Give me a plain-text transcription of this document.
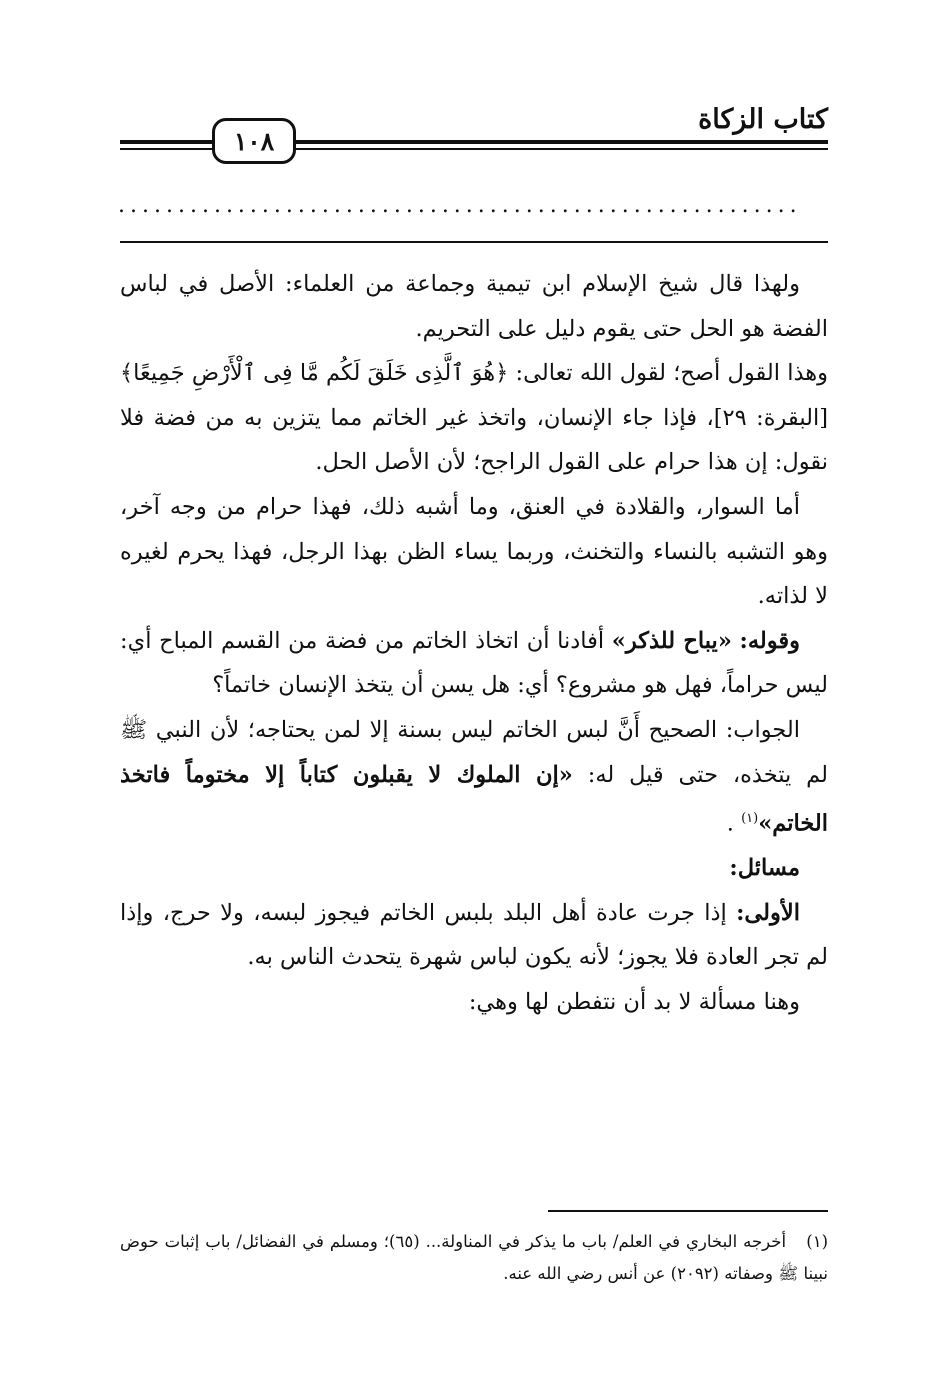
كتاب الزكاة
١٠٨
.........................................................

ولهذا قال شيخ الإسلام ابن تيمية وجماعة من العلماء: الأصل في لباس الفضة هو الحل حتى يقوم دليل على التحريم.

وهذا القول أصح؛ لقول الله تعالى: ﴿هُوَ ٱلَّذِى خَلَقَ لَكُم مَّا فِى ٱلْأَرْضِ جَمِيعًا﴾ [البقرة: ٢٩]، فإذا جاء الإنسان، واتخذ غير الخاتم مما يتزين به من فضة فلا نقول: إن هذا حرام على القول الراجح؛ لأن الأصل الحل.

أما السوار، والقلادة في العنق، وما أشبه ذلك، فهذا حرام من وجه آخر، وهو التشبه بالنساء والتخنث، وربما يساء الظن بهذا الرجل، فهذا يحرم لغيره لا لذاته.

وقوله: «يباح للذكر» أفادنا أن اتخاذ الخاتم من فضة من القسم المباح أي: ليس حراماً، فهل هو مشروع؟ أي: هل يسن أن يتخذ الإنسان خاتماً؟

الجواب: الصحيح أَنَّ لبس الخاتم ليس بسنة إلا لمن يحتاجه؛ لأن النبي ﷺ لم يتخذه، حتى قيل له: «إن الملوك لا يقبلون كتاباً إلا مختوماً فاتخذ الخاتم»$^{(١)}$ .

مسائل:

الأولى: إذا جرت عادة أهل البلد بلبس الخاتم فيجوز لبسه، ولا حرج، وإذا لم تجر العادة فلا يجوز؛ لأنه يكون لباس شهرة يتحدث الناس به.

وهنا مسألة لا بد أن نتفطن لها وهي:

(١) أخرجه البخاري في العلم/ باب ما يذكر في المناولة... (٦٥)؛ ومسلم في الفضائل/ باب إثبات حوض نبينا ﷺ وصفاته (٢٠٩٢) عن أنس رضي الله عنه.
